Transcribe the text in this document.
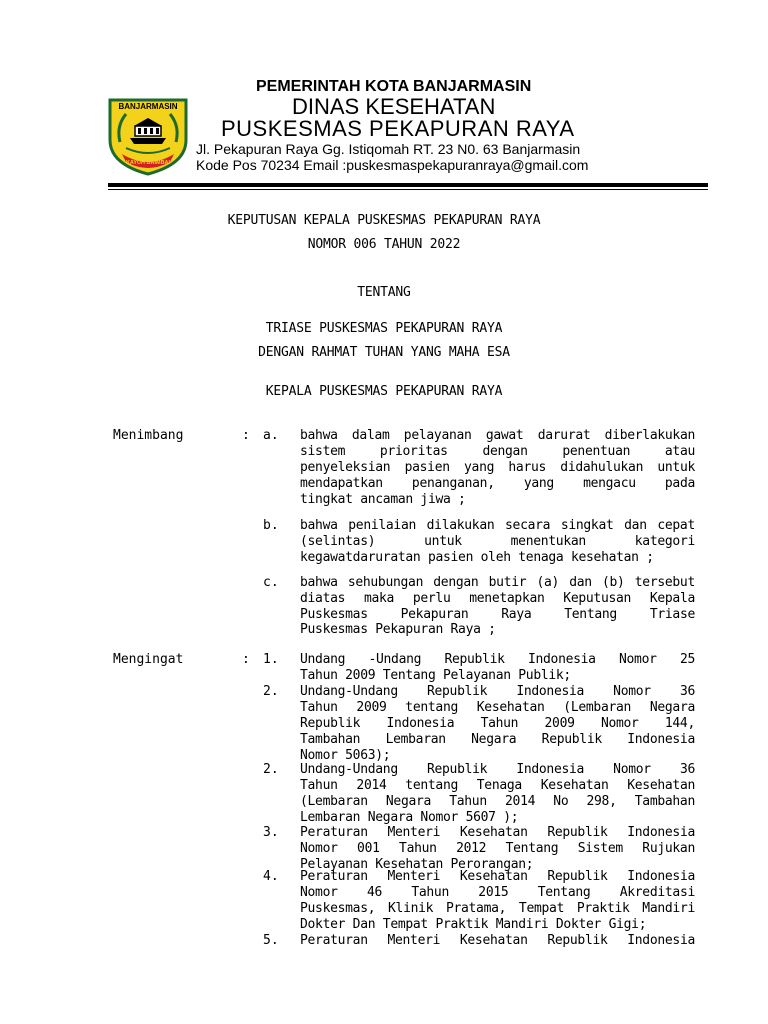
BANJARMASIN
KAYUH BAIMBAI
PEMERINTAH KOTA BANJARMASIN
DINAS KESEHATAN
PUSKESMAS PEKAPURAN RAYA
Jl. Pekapuran Raya Gg. Istiqomah RT. 23 N0. 63 Banjarmasin
Kode Pos 70234 Email :puskesmaspekapuranraya@gmail.com
KEPUTUSAN KEPALA PUSKESMAS PEKAPURAN RAYA
NOMOR 006 TAHUN 2022
TENTANG
TRIASE PUSKESMAS PEKAPURAN RAYA
DENGAN RAHMAT TUHAN YANG MAHA ESA
KEPALA PUSKESMAS PEKAPURAN RAYA
Menimbang	: a. bahwa dalam pelayanan gawat darurat diberlakukan
sistem prioritas dengan penentuan atau
penyeleksian pasien yang harus didahulukan untuk
mendapatkan penanganan, yang mengacu pada
tingkat ancaman jiwa ;
b. bahwa penilaian dilakukan secara singkat dan cepat
(selintas) untuk menentukan kategori
kegawatdaruratan pasien oleh tenaga kesehatan ;
c. bahwa sehubungan dengan butir (a) dan (b) tersebut
diatas maka perlu menetapkan Keputusan Kepala
Puskesmas Pekapuran Raya Tentang Triase
Puskesmas Pekapuran Raya ;
Mengingat	: 1. Undang -Undang Republik Indonesia Nomor 25
Tahun 2009 Tentang Pelayanan Publik;
2. Undang-Undang Republik Indonesia Nomor 36
Tahun 2009 tentang Kesehatan (Lembaran Negara
Republik Indonesia Tahun 2009 Nomor 144,
Tambahan Lembaran Negara Republik Indonesia
Nomor 5063);
2. Undang-Undang Republik Indonesia Nomor 36
Tahun 2014 tentang Tenaga Kesehatan Kesehatan
(Lembaran Negara Tahun 2014 No 298, Tambahan
Lembaran Negara Nomor 5607 );
3. Peraturan Menteri Kesehatan Republik Indonesia
Nomor 001 Tahun 2012 Tentang Sistem Rujukan
Pelayanan Kesehatan Perorangan;
4. Peraturan Menteri Kesehatan Republik Indonesia
Nomor 46 Tahun 2015 Tentang Akreditasi
Puskesmas, Klinik Pratama, Tempat Praktik Mandiri
Dokter Dan Tempat Praktik Mandiri Dokter Gigi;
5. Peraturan Menteri Kesehatan Republik Indonesia
